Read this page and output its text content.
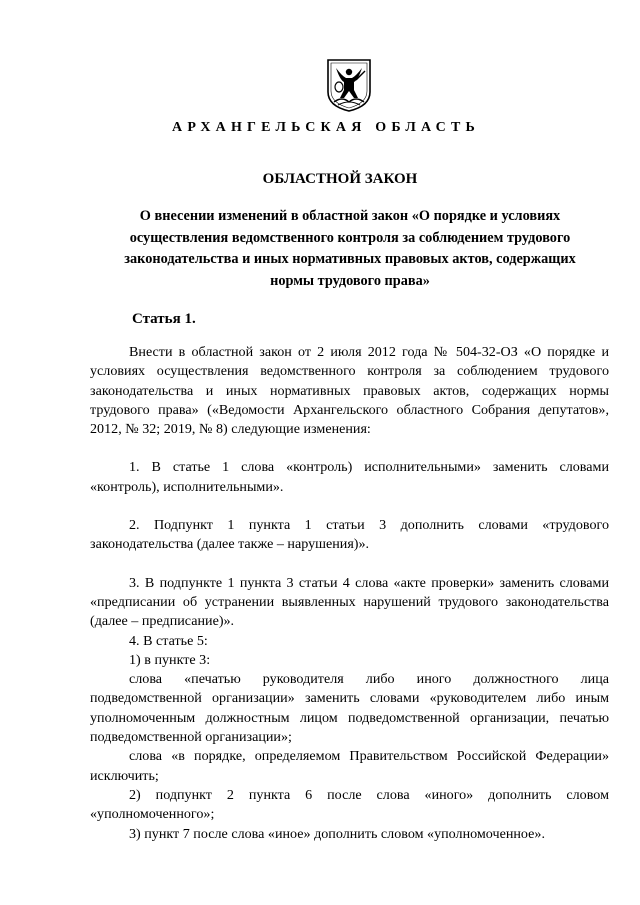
АРХАНГЕЛЬСКАЯ ОБЛАСТЬ
ОБЛАСТНОЙ ЗАКОН
О внесении изменений в областной закон «О порядке и условиях осуществления ведомственного контроля за соблюдением трудового законодательства и иных нормативных правовых актов, содержащих нормы трудового права»
Статья 1.

Внести в областной закон от 2 июля 2012 года № 504-32-ОЗ «О порядке и условиях осуществления ведомственного контроля за соблюдением трудового законодательства и иных нормативных правовых актов, содержащих нормы трудового права» («Ведомости Архангельского областного Собрания депутатов», 2012, № 32; 2019, № 8) следующие изменения:

1. В статье 1 слова «контроль) исполнительными» заменить словами «контроль), исполнительными».

2. Подпункт 1 пункта 1 статьи 3 дополнить словами «трудового законодательства (далее также – нарушения)».

3. В подпункте 1 пункта 3 статьи 4 слова «акте проверки» заменить словами «предписании об устранении выявленных нарушений трудового законодательства (далее – предписание)».

4. В статье 5:

1) в пункте 3:

слова «печатью руководителя либо иного должностного лица подведомственной организации» заменить словами «руководителем либо иным уполномоченным должностным лицом подведомственной организации, печатью подведомственной организации»;

слова «в порядке, определяемом Правительством Российской Федерации» исключить;

2) подпункт 2 пункта 6 после слова «иного» дополнить словом «уполномоченного»;

3) пункт 7 после слова «иное» дополнить словом «уполномоченное».
